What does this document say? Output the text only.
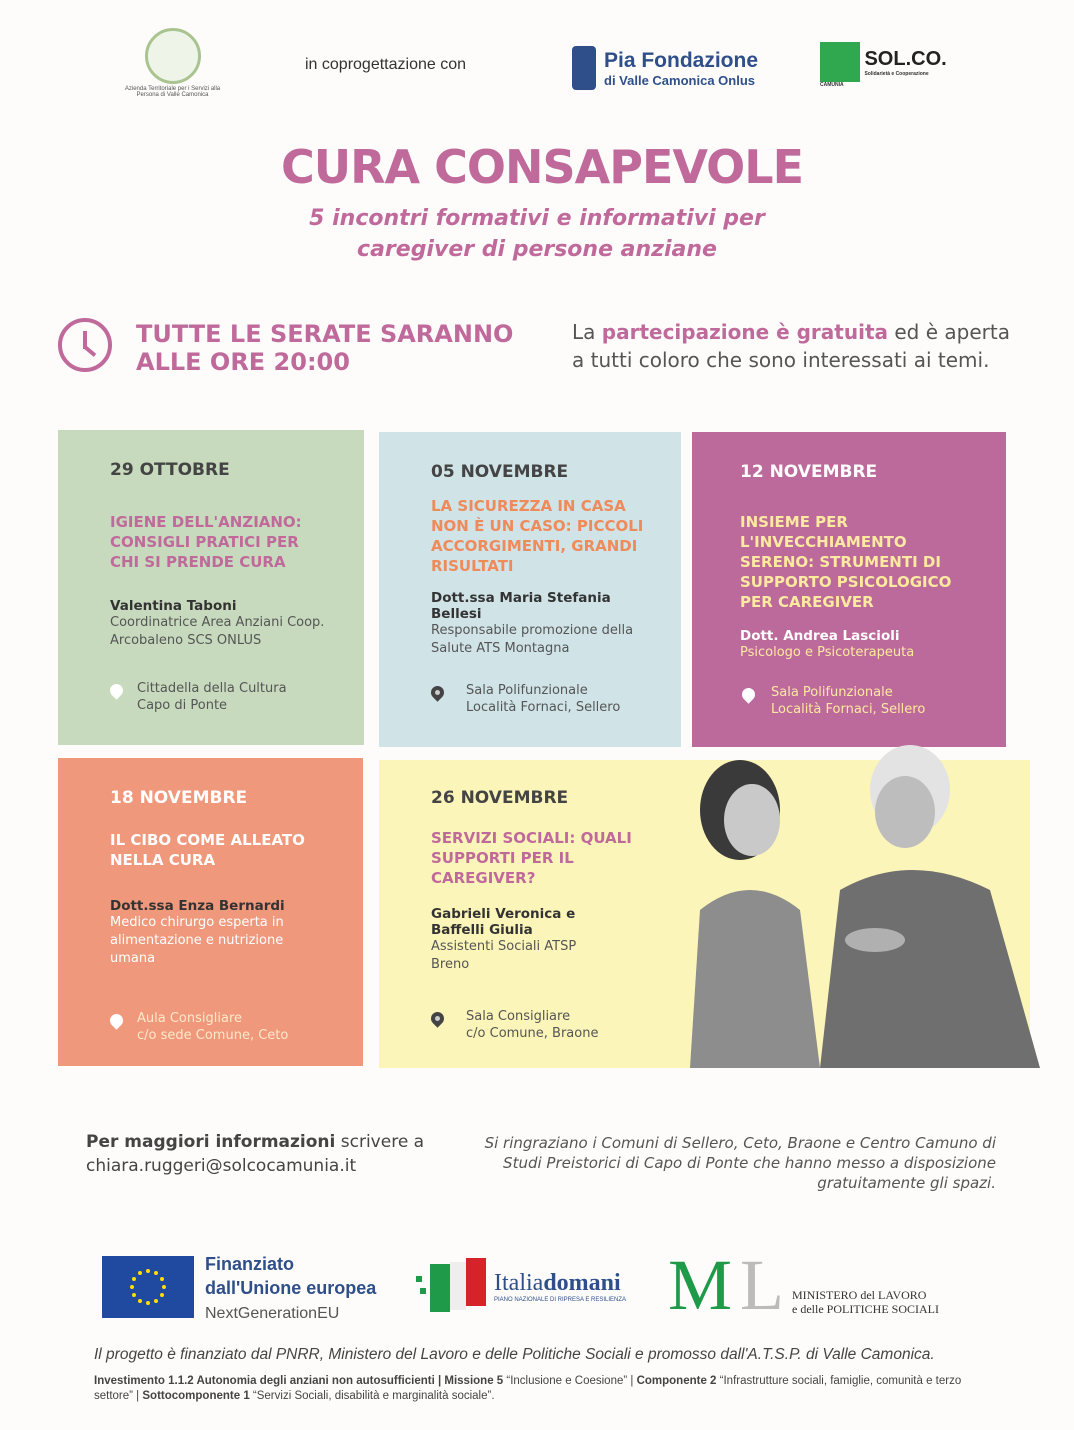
Azienda Territoriale per i Servizi alla Persona di Valle Camonica
in coprogettazione con	Pia Fondazione
di Valle Camonica Onlus
SOL.CO.
Solidarietà e Cooperazione
CAMUNIA
CURA CONSAPEVOLE
5 incontri formativi e informativi per
caregiver di persone anziane
TUTTE LE SERATE SARANNO
ALLE ORE 20:00
La partecipazione è gratuita ed è aperta
a tutti coloro che sono interessati ai temi.
29 OTTOBRE
IGIENE DELL'ANZIANO: CONSIGLI PRATICI PER CHI SI PRENDE CURA
Valentina Taboni
Coordinatrice Area Anziani Coop. Arcobaleno SCS ONLUS
Cittadella della Cultura
Capo di Ponte
05 NOVEMBRE
LA SICUREZZA IN CASA NON È UN CASO: PICCOLI ACCORGIMENTI, GRANDI RISULTATI
Dott.ssa Maria Stefania Bellesi
Responsabile promozione della Salute ATS Montagna
Sala Polifunzionale
Località Fornaci, Sellero
12 NOVEMBRE
INSIEME PER L'INVECCHIAMENTO SERENO: STRUMENTI DI SUPPORTO PSICOLOGICO PER CAREGIVER
Dott. Andrea Lascioli
Psicologo e Psicoterapeuta
Sala Polifunzionale
Località Fornaci, Sellero
18 NOVEMBRE
IL CIBO COME ALLEATO NELLA CURA
Dott.ssa Enza Bernardi
Medico chirurgo esperta in alimentazione e nutrizione umana
Aula Consigliare
c/o sede Comune, Ceto
26 NOVEMBRE
SERVIZI SOCIALI: QUALI SUPPORTI PER IL CAREGIVER?
Gabrieli Veronica e Baffelli Giulia
Assistenti Sociali ATSP Breno
Sala Consigliare
c/o Comune, Braone
Per maggiori informazioni scrivere a
chiara.ruggeri@solcocamunia.it
Si ringraziano i Comuni di Sellero, Ceto, Braone e Centro Camuno di Studi Preistorici di Capo di Ponte che hanno messo a disposizione gratuitamente gli spazi.
Finanziato
dall'Unione europea
NextGenerationEU
Italiadomani
PIANO NAZIONALE DI RIPRESA E RESILIENZA M L MINISTERO del LAVORO
e delle POLITICHE SOCIALI
Il progetto è finanziato dal PNRR, Ministero del Lavoro e delle Politiche Sociali e promosso dall'A.T.S.P. di Valle Camonica.
Investimento 1.1.2 Autonomia degli anziani non autosufficienti | Missione 5 “Inclusione e Coesione” | Componente 2 “Infrastrutture sociali, famiglie, comunità e terzo settore” | Sottocomponente 1 “Servizi Sociali, disabilità e marginalità sociale”.
